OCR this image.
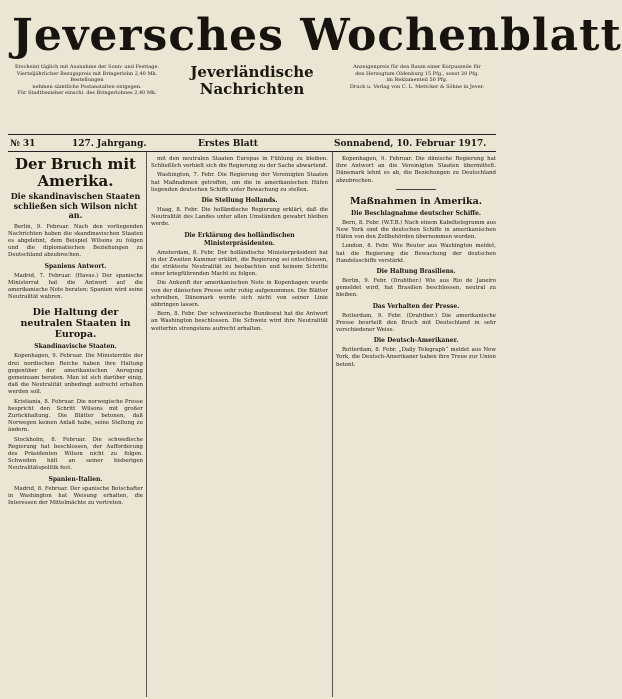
Jeversches Wochenblatt
Erscheint täglich mit Ausnahme der Sonn- und Festtage.
Vierteljährlicher Bezugspreis mit Bringerlohn 2,40 Mk. Bestellungen
nehmen sämtliche Postanstalten entgegen.
Für Stadtbezieher einschl. des Bringerlohnes 2,40 Mk.
Jeverländische
Nachrichten
Anzeigenpreis für den Raum einer Korpuszeile für
den Herzogtum Oldenburg 15 Pfg., sonst 20 Pfg.
im Reklamenteil 50 Pfg.
Druck u. Verlag von C. L. Mettcker & Söhne in Jever.
№ 31	127. Jahrgang.	Erstes Blatt	Sonnabend, 10. Februar 1917.
Der Bruch mit Amerika.
Die skandinavischen Staaten schließen sich Wilson nicht an.

Berlin, 9. Februar. Nach den vorliegenden Nachrichten haben die skandinavischen Staaten es abgelehnt, dem Beispiel Wilsons zu folgen und die diplomatischen Beziehungen zu Deutschland abzubrechen.

Spaniens Antwort.

Madrid, 7. Februar. (Havas.) Der spanische Ministerrat hat die Antwort auf die amerikanische Note beraten; Spanien wird seine Neutralität wahren.

Die Haltung der neutralen Staaten in Europa.
Skandinavische Staaten.

Kopenhagen, 9. Februar. Die Ministerräte der drei nordischen Reiche haben ihre Haltung gegenüber der amerikanischen Anregung gemeinsam beraten. Man ist sich darüber einig, daß die Neutralität unbedingt aufrecht erhalten werden soll.

Kristiania, 8. Februar. Die norwegische Presse bespricht den Schritt Wilsons mit großer Zurückhaltung. Die Blätter betonen, daß Norwegen keinen Anlaß habe, seine Stellung zu ändern.

Stockholm, 8. Februar. Die schwedische Regierung hat beschlossen, der Aufforderung des Präsidenten Wilson nicht zu folgen. Schweden hält an seiner bisherigen Neutralitätspolitik fest.

Spanien-Italien.

Madrid, 8. Februar. Der spanische Botschafter in Washington hat Weisung erhalten, die Interessen der Mittelmächte zu vertreten.

mit den neutralen Staaten Europas in Fühlung zu bleiben. Schließlich verhielt sich die Regierung zu der Sache abwartend.

Washington, 7. Febr. Die Regierung der Vereinigten Staaten hat Maßnahmen getroffen, um die in amerikanischen Häfen liegenden deutschen Schiffe unter Bewachung zu stellen.

Die Stellung Hollands.

Haag, 8. Febr. Die holländische Regierung erklärt, daß die Neutralität des Landes unter allen Umständen gewahrt bleiben werde.

Die Erklärung des holländischen Ministerpräsidenten.

Amsterdam, 8. Febr. Der holländische Ministerpräsident hat in der Zweiten Kammer erklärt, die Regierung sei entschlossen, die strikteste Neutralität zu beobachten und keinem Schritte einer kriegführenden Macht zu folgen.

Die Ankunft der amerikanischen Note in Kopenhagen wurde von der dänischen Presse sehr ruhig aufgenommen. Die Blätter schreiben, Dänemark werde sich nicht von seiner Linie abbringen lassen.

Bern, 8. Febr. Der schweizerische Bundesrat hat die Antwort an Washington beschlossen. Die Schweiz wird ihre Neutralität weiterhin strengstens aufrecht erhalten.

Kopenhagen, 9. Februar. Die dänische Regierung hat ihre Antwort an die Vereinigten Staaten übermittelt. Dänemark lehnt es ab, die Beziehungen zu Deutschland abzubrechen.

Maßnahmen in Amerika.
Die Beschlagnahme deutscher Schiffe.

Bern, 8. Febr. (W.T.B.) Nach einem Kabeltelegramm aus New York sind die deutschen Schiffe in amerikanischen Häfen von den Zollbehörden übernommen worden.

London, 8. Febr. Wie Reuter aus Washington meldet, hat die Regierung die Bewachung der deutschen Handelsschiffe verstärkt.

Die Haltung Brasiliens.

Berlin, 9. Febr. (Drahtber.) Wie aus Rio de Janeiro gemeldet wird, hat Brasilien beschlossen, neutral zu bleiben.

Das Verhalten der Presse.

Rotterdam, 9. Febr. (Drahtber.) Die amerikanische Presse beurteilt den Bruch mit Deutschland in sehr verschiedener Weise.

Die Deutsch-Amerikaner.

Rotterdam, 8. Febr. „Daily Telegraph“ meldet aus New York, die Deutsch-Amerikaner haben ihre Treue zur Union betont.
